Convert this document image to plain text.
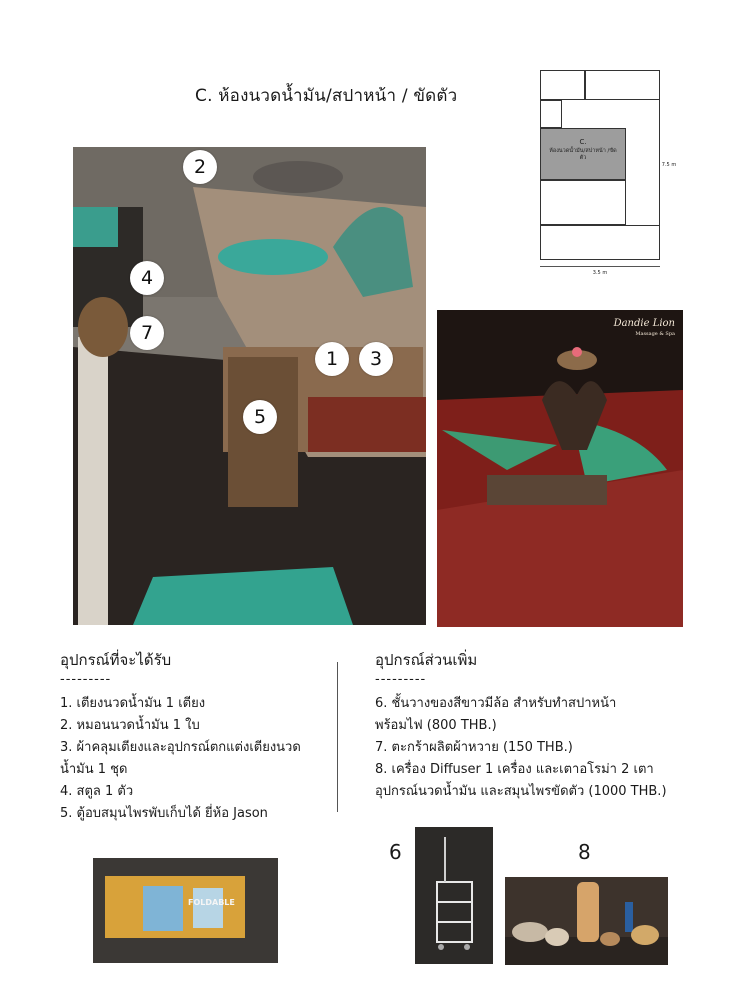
C. ห้องนวดน้ำมัน/สปาหน้า / ขัดตัว
C.
ห้องนวดน้ำมัน/สปาหน้า /ขัดตัว
7.5 m
3.5 m
2
4
7
1	3
5
Dandie Lion
Massage & Spa
อุปกรณ์ที่จะได้รับ
---------
1. เตียงนวดน้ำมัน 1 เตียง
2. หมอนนวดน้ำมัน 1 ใบ
3. ผ้าคลุมเตียงและอุปกรณ์ตกแต่งเตียงนวด
น้ำมัน 1 ชุด
4. สตูล 1 ตัว
5. ตู้อบสมุนไพรพับเก็บได้ ยี่ห้อ Jason
อุปกรณ์ส่วนเพิ่ม
---------
6. ชั้นวางของสีขาวมีล้อ สำหรับทำสปาหน้า
พร้อมไฟ (800 THB.)
7. ตะกร้าผลิตผ้าหวาย (150 THB.)
8. เครื่อง Diffuser 1 เครื่อง และเตาอโรม่า 2 เตา
อุปกรณ์นวดน้ำมัน และสมุนไพรขัดตัว (1000 THB.)
FOLDABLE
6	8
